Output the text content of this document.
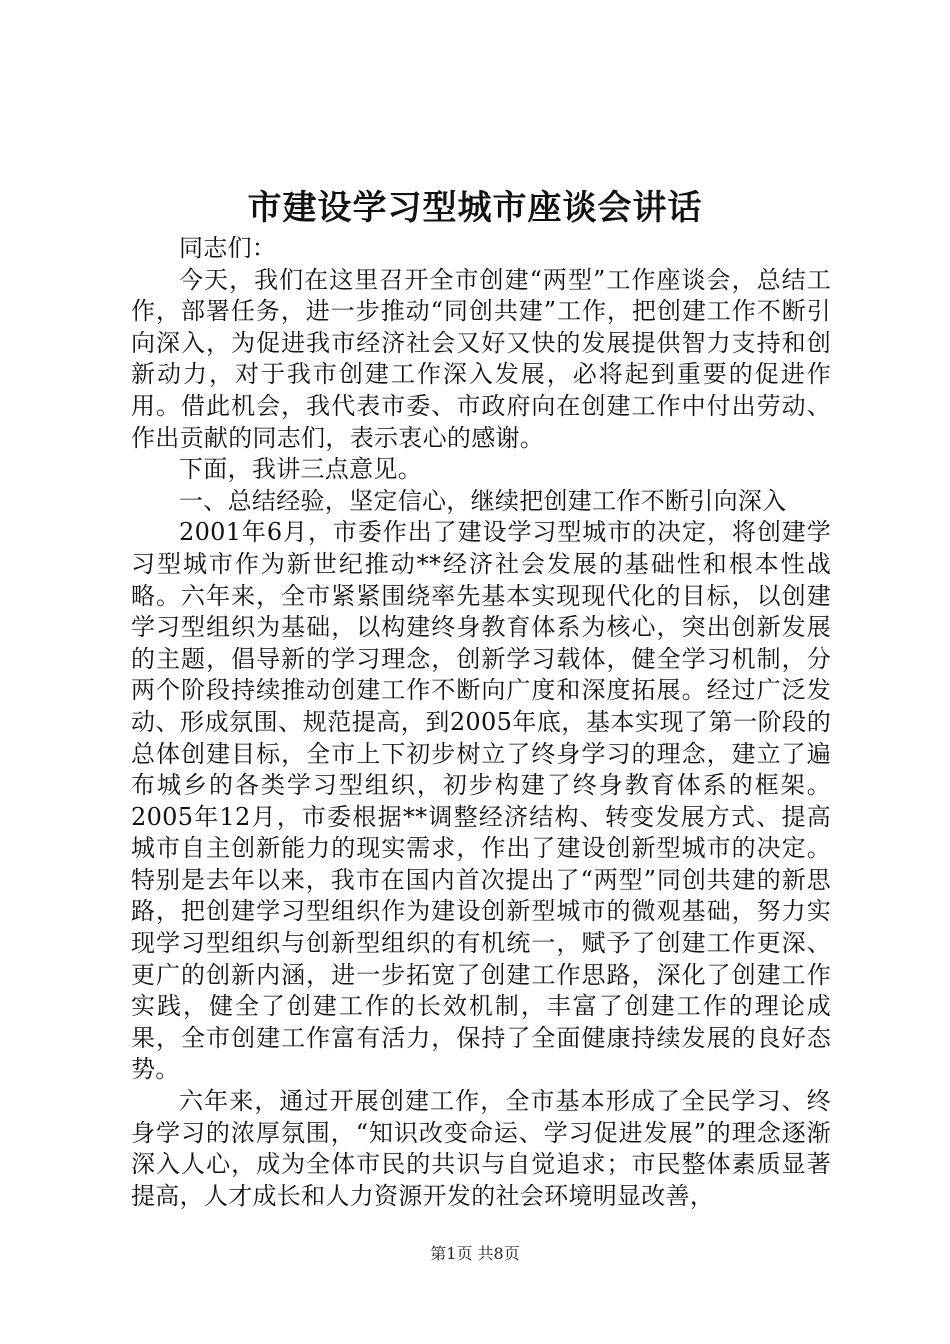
市建设学习型城市座谈会讲话

同志们：

今天，我们在这里召开全市创建“两型”工作座谈会，总结工作，部署任务，进一步推动“同创共建”工作，把创建工作不断引向深入，为促进我市经济社会又好又快的发展提供智力支持和创新动力，对于我市创建工作深入发展，必将起到重要的促进作用。借此机会，我代表市委、市政府向在创建工作中付出劳动、作出贡献的同志们，表示衷心的感谢。

下面，我讲三点意见。

一、总结经验，坚定信心，继续把创建工作不断引向深入

2001年6月，市委作出了建设学习型城市的决定，将创建学习型城市作为新世纪推动**经济社会发展的基础性和根本性战略。六年来，全市紧紧围绕率先基本实现现代化的目标，以创建学习型组织为基础，以构建终身教育体系为核心，突出创新发展的主题，倡导新的学习理念，创新学习载体，健全学习机制，分两个阶段持续推动创建工作不断向广度和深度拓展。经过广泛发动、形成氛围、规范提高，到2005年底，基本实现了第一阶段的总体创建目标，全市上下初步树立了终身学习的理念，建立了遍布城乡的各类学习型组织，初步构建了终身教育体系的框架。2005年12月，市委根据**调整经济结构、转变发展方式、提高城市自主创新能力的现实需求，作出了建设创新型城市的决定。特别是去年以来，我市在国内首次提出了“两型”同创共建的新思路，把创建学习型组织作为建设创新型城市的微观基础，努力实现学习型组织与创新型组织的有机统一，赋予了创建工作更深、更广的创新内涵，进一步拓宽了创建工作思路，深化了创建工作实践，健全了创建工作的长效机制，丰富了创建工作的理论成果，全市创建工作富有活力，保持了全面健康持续发展的良好态势。

六年来，通过开展创建工作，全市基本形成了全民学习、终身学习的浓厚氛围，“知识改变命运、学习促进发展”的理念逐渐深入人心，成为全体市民的共识与自觉追求；市民整体素质显著提高，人才成长和人力资源开发的社会环境明显改善，

第1页 共8页
